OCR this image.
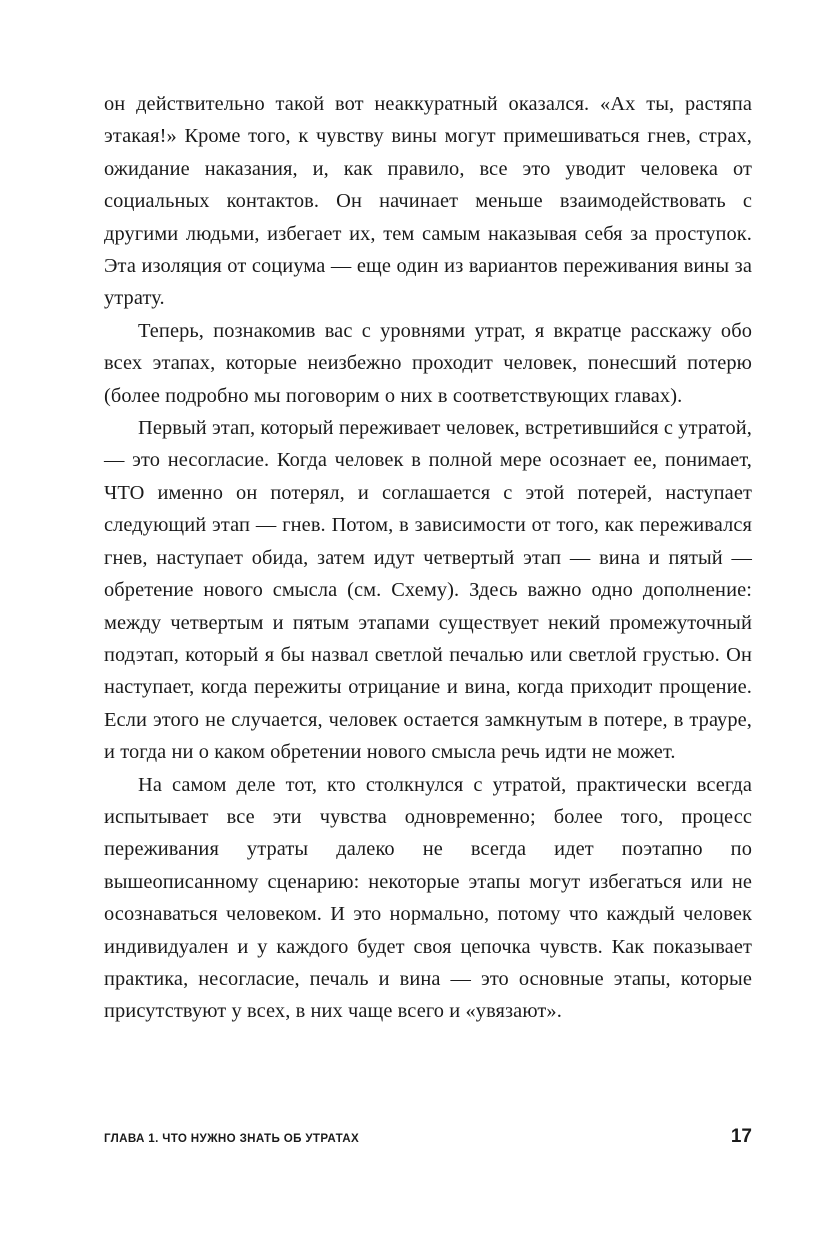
он действительно такой вот неаккуратный оказался. «Ах ты, растяпа этакая!» Кроме того, к чувству вины могут примешиваться гнев, страх, ожидание наказания, и, как правило, все это уводит человека от социальных контактов. Он начинает меньше взаимодействовать с другими людьми, избегает их, тем самым наказывая себя за проступок. Эта изоляция от социума — еще один из вариантов переживания вины за утрату.

Теперь, познакомив вас с уровнями утрат, я вкратце расскажу обо всех этапах, которые неизбежно проходит человек, понесший потерю (более подробно мы поговорим о них в соответствующих главах).

Первый этап, который переживает человек, встретившийся с утратой, — это несогласие. Когда человек в полной мере осознает ее, понимает, ЧТО именно он потерял, и соглашается с этой потерей, наступает следующий этап — гнев. Потом, в зависимости от того, как переживался гнев, наступает обида, затем идут четвертый этап — вина и пятый — обретение нового смысла (см. Схему). Здесь важно одно дополнение: между четвертым и пятым этапами существует некий промежуточный подэтап, который я бы назвал светлой печалью или светлой грустью. Он наступает, когда пережиты отрицание и вина, когда приходит прощение. Если этого не случается, человек остается замкнутым в потере, в трауре, и тогда ни о каком обретении нового смысла речь идти не может.

На самом деле тот, кто столкнулся с утратой, практически всегда испытывает все эти чувства одновременно; более того, процесс переживания утраты далеко не всегда идет поэтапно по вышеописанному сценарию: некоторые этапы могут избегаться или не осознаваться человеком. И это нормально, потому что каждый человек индивидуален и у каждого будет своя цепочка чувств. Как показывает практика, несогласие, печаль и вина — это основные этапы, которые присутствуют у всех, в них чаще всего и «увязают».

ГЛАВА 1. ЧТО НУЖНО ЗНАТЬ ОБ УТРАТАХ	17
